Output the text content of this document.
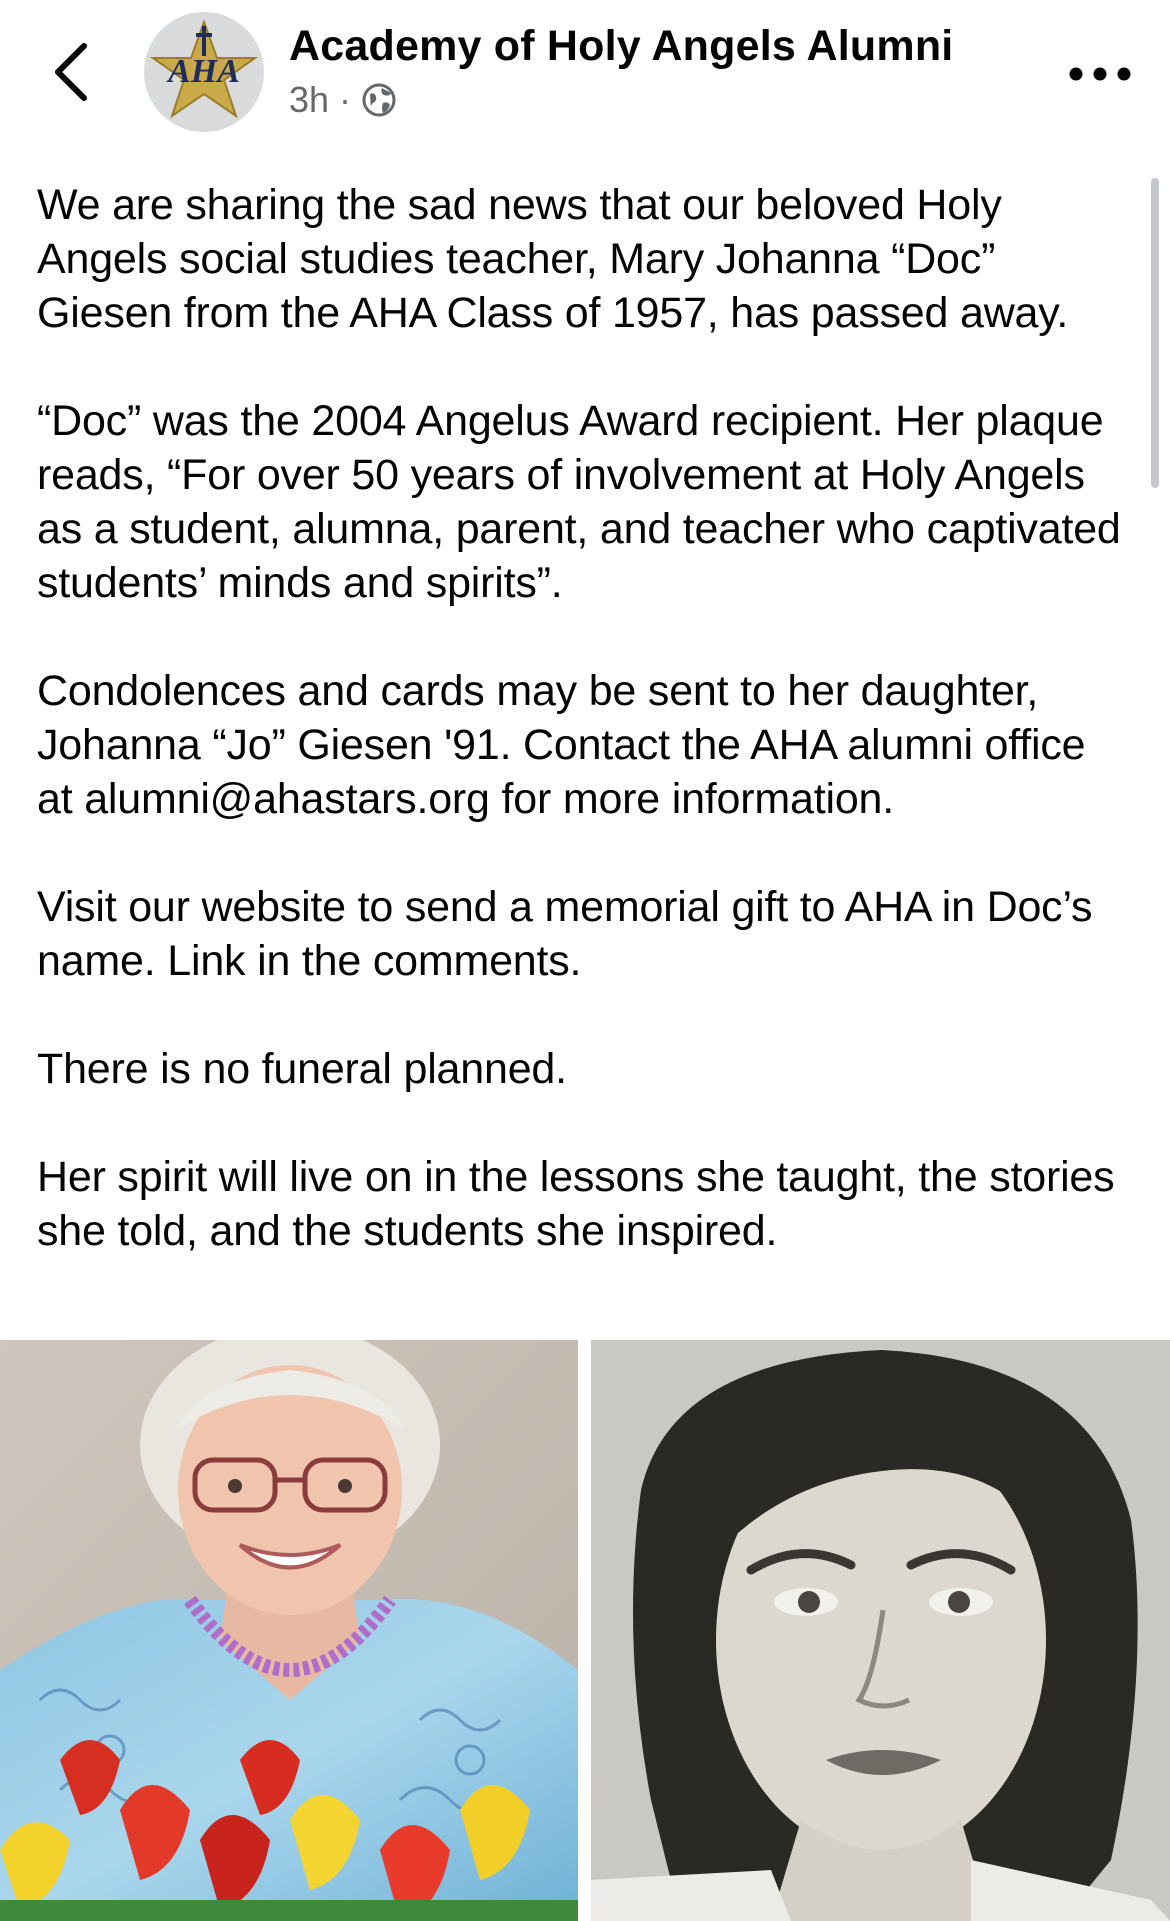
AHA
Academy of Holy Angels Alumni
3h ·

We are sharing the sad news that our beloved Holy Angels social studies teacher, Mary Johanna “Doc” Giesen from the AHA Class of 1957, has passed away.

“Doc” was the 2004 Angelus Award recipient. Her plaque reads, “For over 50 years of involvement at Holy Angels as a student, alumna, parent, and teacher who captivated students’ minds and spirits”.

Condolences and cards may be sent to her daughter, Johanna “Jo” Giesen '91. Contact the AHA alumni office at alumni@ahastars.org for more information.

Visit our website to send a memorial gift to AHA in Doc’s name. Link in the comments.

There is no funeral planned.

Her spirit will live on in the lessons she taught, the stories she told, and the students she inspired.
